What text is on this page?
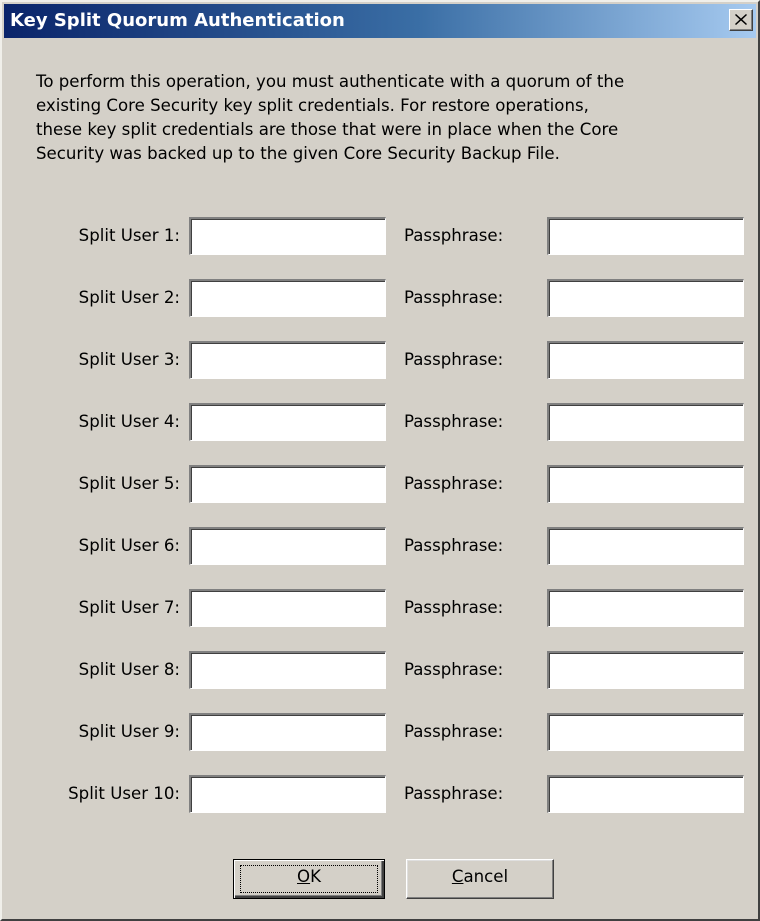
Key Split Quorum Authentication
To perform this operation, you must authenticate with a quorum of the
existing Core Security key split credentials. For restore operations,
these key split credentials are those that were in place when the Core
Security was backed up to the given Core Security Backup File.
Split User 1:	Passphrase:
Split User 2:	Passphrase:
Split User 3:	Passphrase:
Split User 4:	Passphrase:
Split User 5:	Passphrase:
Split User 6:	Passphrase:
Split User 7:	Passphrase:
Split User 8:	Passphrase:
Split User 9:	Passphrase:
Split User 10:	Passphrase:
OK	Cancel
